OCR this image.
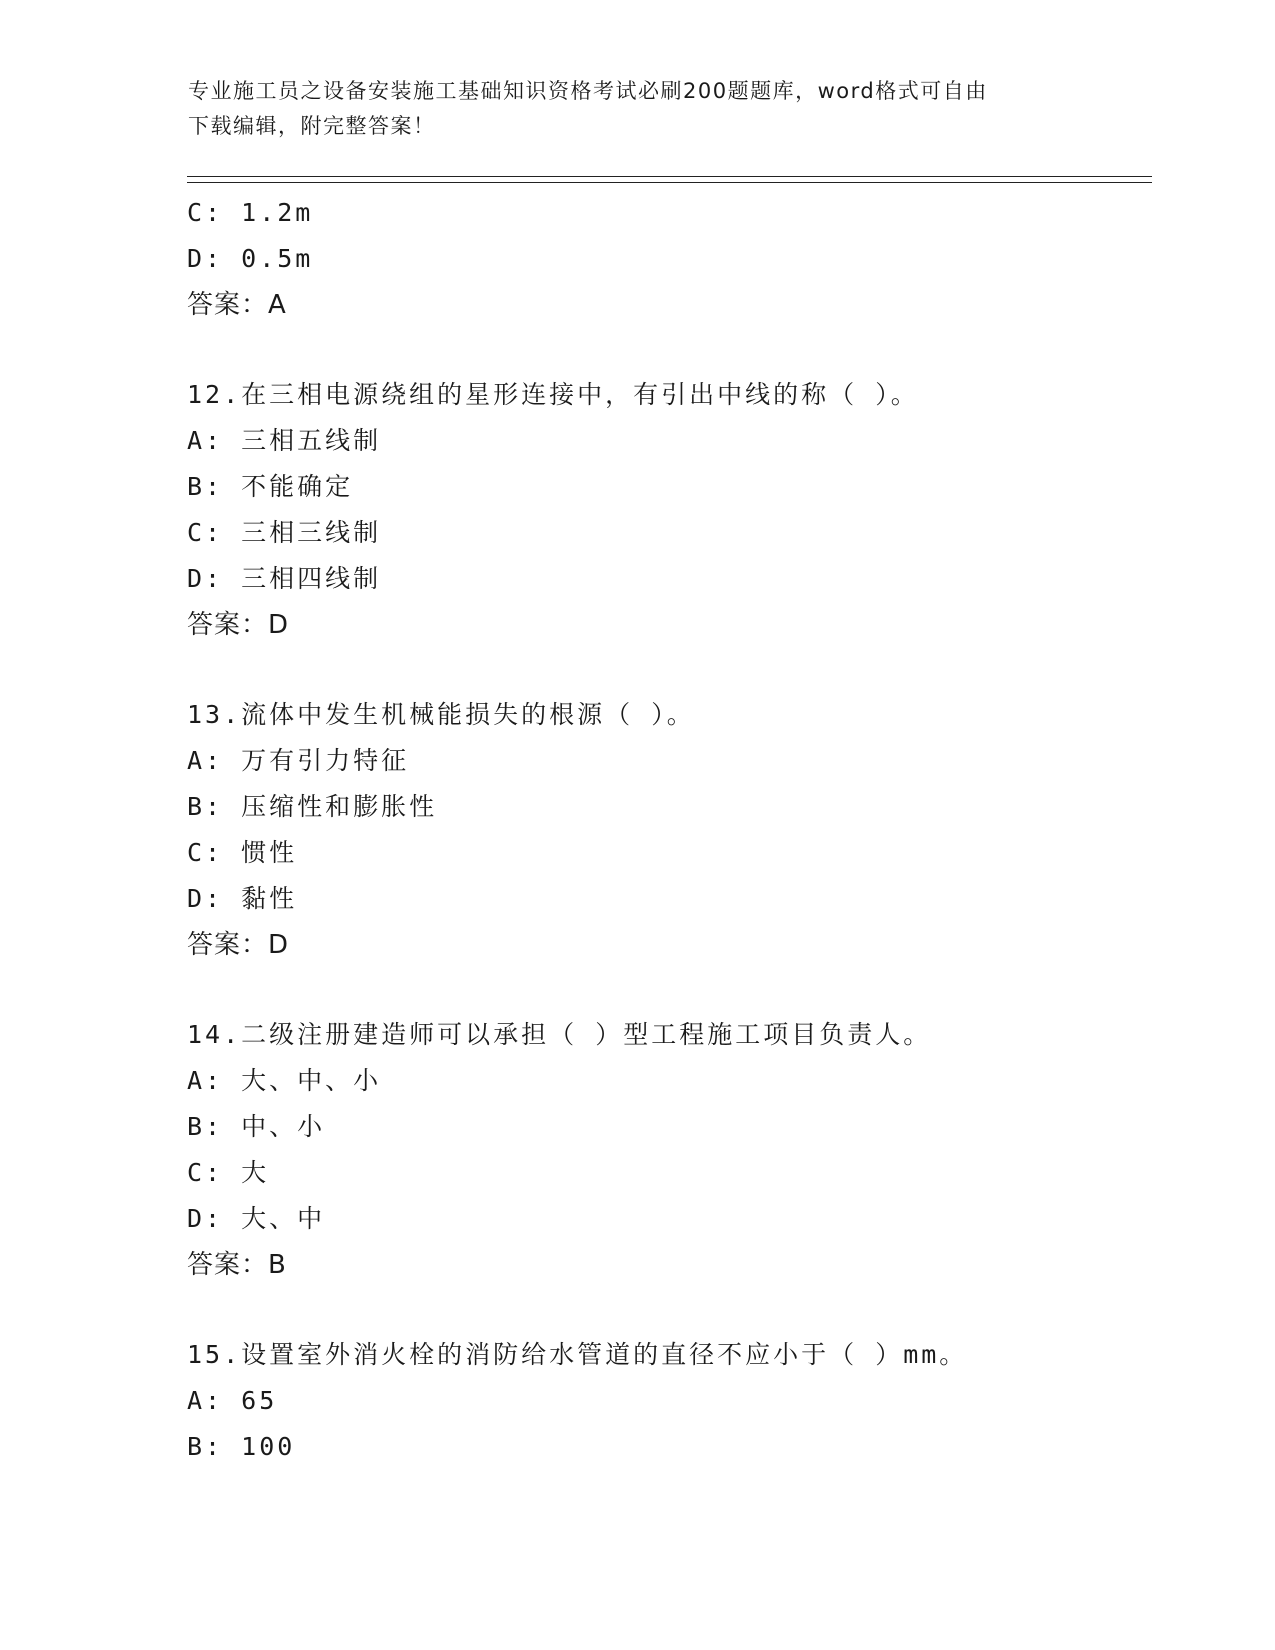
专业施工员之设备安装施工基础知识资格考试必刷200题题库，word格式可自由
下载编辑，附完整答案！
C: 1.2m
D: 0.5m
答案：A
12.在三相电源绕组的星形连接中，有引出中线的称（ ）。
A: 三相五线制
B: 不能确定
C: 三相三线制
D: 三相四线制
答案：D
13.流体中发生机械能损失的根源（ ）。
A: 万有引力特征
B: 压缩性和膨胀性
C: 惯性
D: 黏性
答案：D
14.二级注册建造师可以承担（ ）型工程施工项目负责人。
A: 大、中、小
B: 中、小
C: 大
D: 大、中
答案：B
15.设置室外消火栓的消防给水管道的直径不应小于（ ）mm。
A: 65
B: 100
